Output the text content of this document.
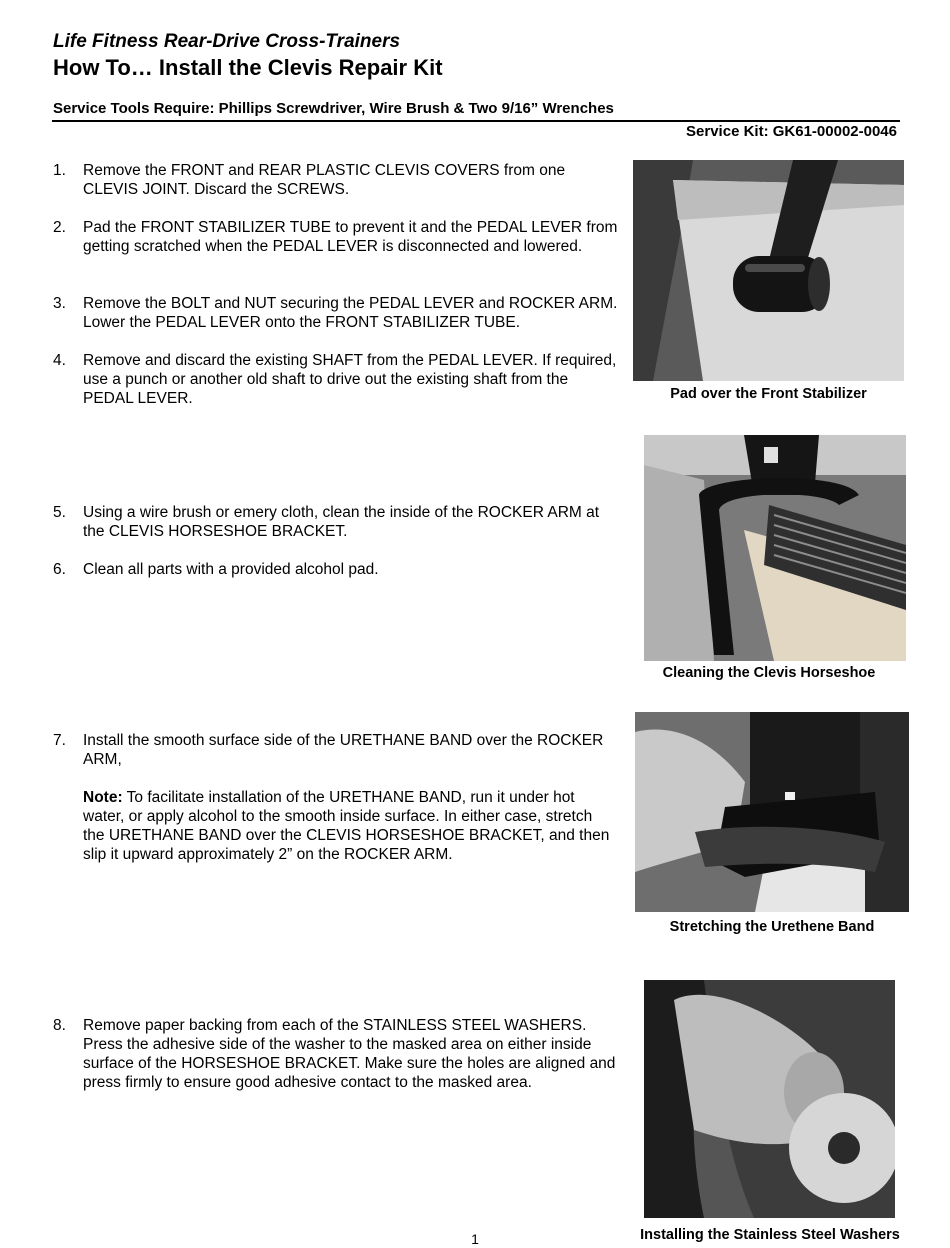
Life Fitness Rear-Drive Cross-Trainers
How To… Install the Clevis Repair Kit
Service Tools Require: Phillips Screwdriver, Wire Brush & Two 9/16” Wrenches
Service Kit: GK61-00002-0046
1. Remove the FRONT and REAR PLASTIC CLEVIS COVERS from one CLEVIS JOINT. Discard the SCREWS.
2. Pad the FRONT STABILIZER TUBE to prevent it and the PEDAL LEVER from getting scratched when the PEDAL LEVER is disconnected and lowered.
3. Remove the BOLT and NUT securing the PEDAL LEVER and ROCKER ARM. Lower the PEDAL LEVER onto the FRONT STABILIZER TUBE.
4. Remove and discard the existing SHAFT from the PEDAL LEVER. If required, use a punch or another old shaft to drive out the existing shaft from the PEDAL LEVER.
5. Using a wire brush or emery cloth, clean the inside of the ROCKER ARM at the CLEVIS HORSESHOE BRACKET.
6. Clean all parts with a provided alcohol pad.
7. Install the smooth surface side of the URETHANE BAND over the ROCKER ARM,
Note: To facilitate installation of the URETHANE BAND, run it under hot water, or apply alcohol to the smooth inside surface. In either case, stretch the URETHANE BAND over the CLEVIS HORSESHOE BRACKET, and then slip it upward approximately 2” on the ROCKER ARM.
8. Remove paper backing from each of the STAINLESS STEEL WASHERS. Press the adhesive side of the washer to the masked area on either inside surface of the HORSESHOE BRACKET. Make sure the holes are aligned and press firmly to ensure good adhesive contact to the masked area.
Pad over the Front Stabilizer
Cleaning the Clevis Horseshoe
Stretching the Urethene Band
Installing the Stainless Steel Washers
1
